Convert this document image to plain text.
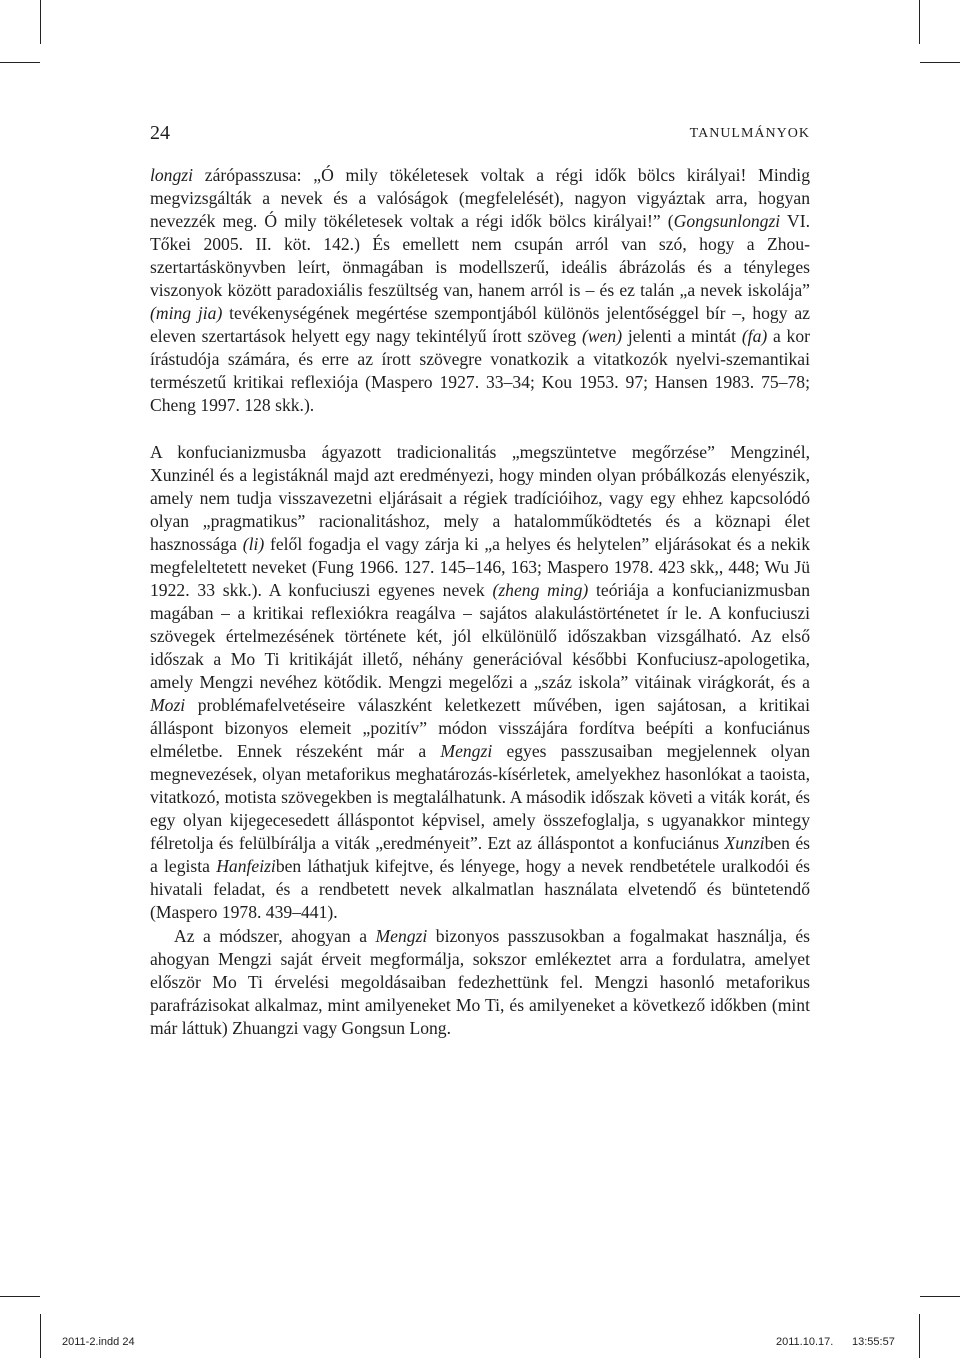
24	TANULMÁNYOK

longzi zárópasszusa: „Ó mily tökéletesek voltak a régi idők bölcs királyai! Mindig megvizsgálták a nevek és a valóságok (megfelelését), nagyon vigyáztak arra, hogyan nevezzék meg. Ó mily tökéletesek voltak a régi idők bölcs királyai!” (Gongsunlongzi VI. Tőkei 2005. II. köt. 142.) És emellett nem csupán arról van szó, hogy a Zhou-szertartáskönyvben leírt, önmagában is modellszerű, ideális ábrázolás és a tényleges viszonyok között paradoxiális feszültség van, hanem arról is – és ez talán „a nevek iskolája” (ming jia) tevékenységének megértése szempontjából különös jelentőséggel bír –, hogy az eleven szertartások helyett egy nagy tekintélyű írott szöveg (wen) jelenti a mintát (fa) a kor írástudója számára, és erre az írott szövegre vonatkozik a vitatkozók nyelvi-szemantikai természetű kritikai reflexiója (Maspero 1927. 33–34; Kou 1953. 97; Hansen 1983. 75–78; Cheng 1997. 128 skk.).

A konfucianizmusba ágyazott tradicionalitás „megszüntetve megőrzése” Mengzinél, Xunzinél és a legistáknál majd azt eredményezi, hogy minden olyan próbálkozás elenyészik, amely nem tudja visszavezetni eljárásait a régiek tradícióihoz, vagy egy ehhez kapcsolódó olyan „pragmatikus” racionalitáshoz, mely a hatalomműködtetés és a köznapi élet hasznossága (li) felől fogadja el vagy zárja ki „a helyes és helytelen” eljárásokat és a nekik megfeleltetett neveket (Fung 1966. 127. 145–146, 163; Maspero 1978. 423 skk,, 448; Wu Jü 1922. 33 skk.). A konfuciuszi egyenes nevek (zheng ming) teóriája a konfucianizmusban magában – a kritikai reflexiókra reagálva – sajátos alakulástörténetet ír le. A konfuciuszi szövegek értelmezésének története két, jól elkülönülő időszakban vizsgálható. Az első időszak a Mo Ti kritikáját illető, néhány generációval későbbi Konfuciusz-apologetika, amely Mengzi nevéhez kötődik. Mengzi megelőzi a „száz iskola” vitáinak virágkorát, és a Mozi problémafelvetéseire válaszként keletkezett művében, igen sajátosan, a kritikai álláspont bizonyos elemeit „pozitív” módon visszájára fordítva beépíti a konfuciánus elméletbe. Ennek részeként már a Mengzi egyes passzusaiban megjelennek olyan megnevezések, olyan metaforikus meghatározás-kísérletek, amelyekhez hasonlókat a taoista, vitatkozó, motista szövegekben is megtalálhatunk. A második időszak követi a viták korát, és egy olyan kijegecesedett álláspontot képvisel, amely összefoglalja, s ugyanakkor mintegy félretolja és felülbírálja a viták „eredményeit”. Ezt az álláspontot a konfuciánus Xunziben és a legista Hanfeiziben láthatjuk kifejtve, és lényege, hogy a nevek rendbetétele uralkodói és hivatali feladat, és a rendbetett nevek alkalmatlan használata elvetendő és büntetendő (Maspero 1978. 439–441).

Az a módszer, ahogyan a Mengzi bizonyos passzusokban a fogalmakat használja, és ahogyan Mengzi saját érveit megformálja, sokszor emlékeztet arra a fordulatra, amelyet először Mo Ti érvelési megoldásaiban fedezhettünk fel. Mengzi hasonló metaforikus parafrázisokat alkalmaz, mint amilyeneket Mo Ti, és amilyeneket a következő időkben (mint már láttuk) Zhuangzi vagy Gongsun Long.

2011-2.indd 24	2011.10.17. 13:55:57
